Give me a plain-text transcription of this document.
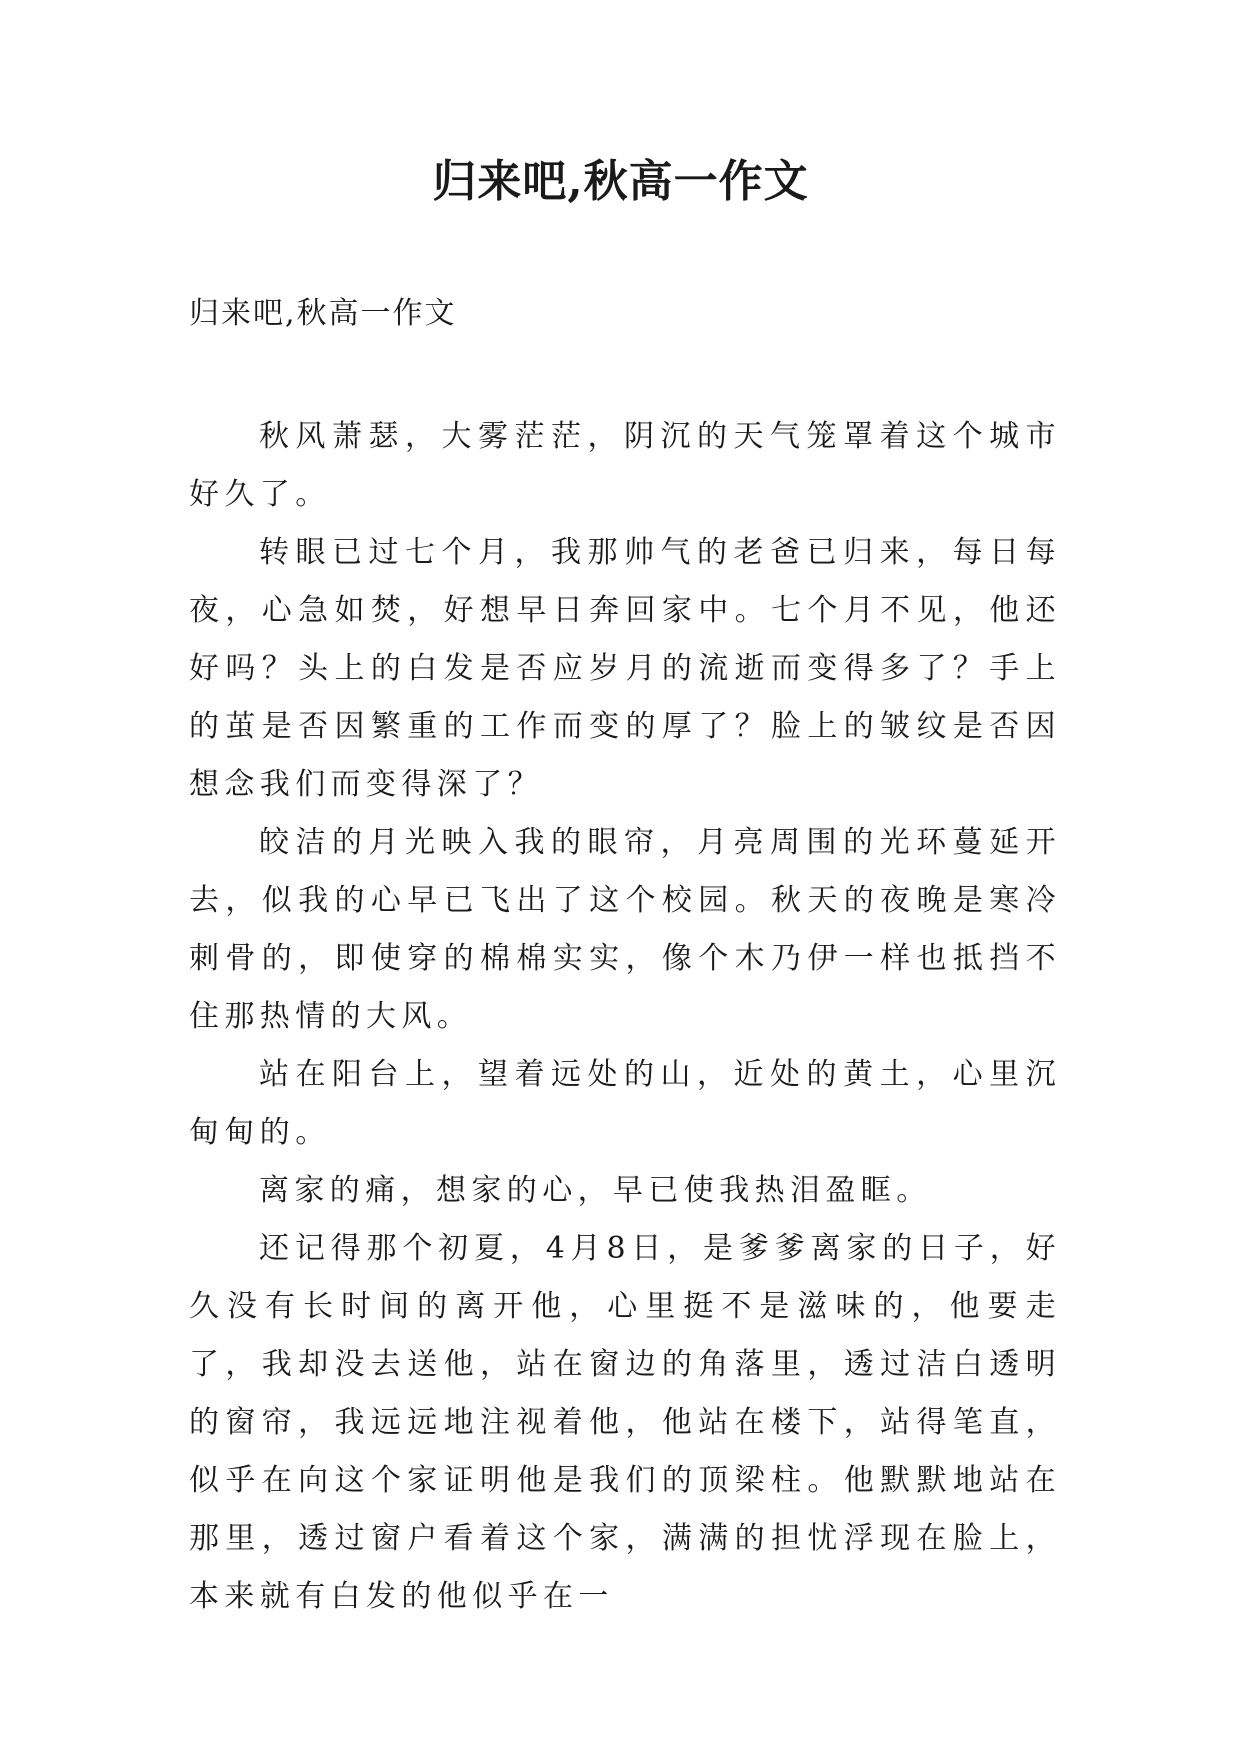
归来吧,秋高一作文

归来吧,秋高一作文

秋风萧瑟，大雾茫茫，阴沉的天气笼罩着这个城市好久了。

转眼已过七个月，我那帅气的老爸已归来，每日每夜，心急如焚，好想早日奔回家中。七个月不见，他还好吗？头上的白发是否应岁月的流逝而变得多了？手上的茧是否因繁重的工作而变的厚了？脸上的皱纹是否因想念我们而变得深了？

皎洁的月光映入我的眼帘，月亮周围的光环蔓延开去，似我的心早已飞出了这个校园。秋天的夜晚是寒冷刺骨的，即使穿的棉棉实实，像个木乃伊一样也抵挡不住那热情的大风。

站在阳台上，望着远处的山，近处的黄土，心里沉甸甸的。

离家的痛，想家的心，早已使我热泪盈眶。

还记得那个初夏，4月8日，是爹爹离家的日子，好久没有长时间的离开他，心里挺不是滋味的，他要走了，我却没去送他，站在窗边的角落里，透过洁白透明的窗帘，我远远地注视着他，他站在楼下，站得笔直，似乎在向这个家证明他是我们的顶梁柱。他默默地站在那里，透过窗户看着这个家，满满的担忧浮现在脸上，本来就有白发的他似乎在一
